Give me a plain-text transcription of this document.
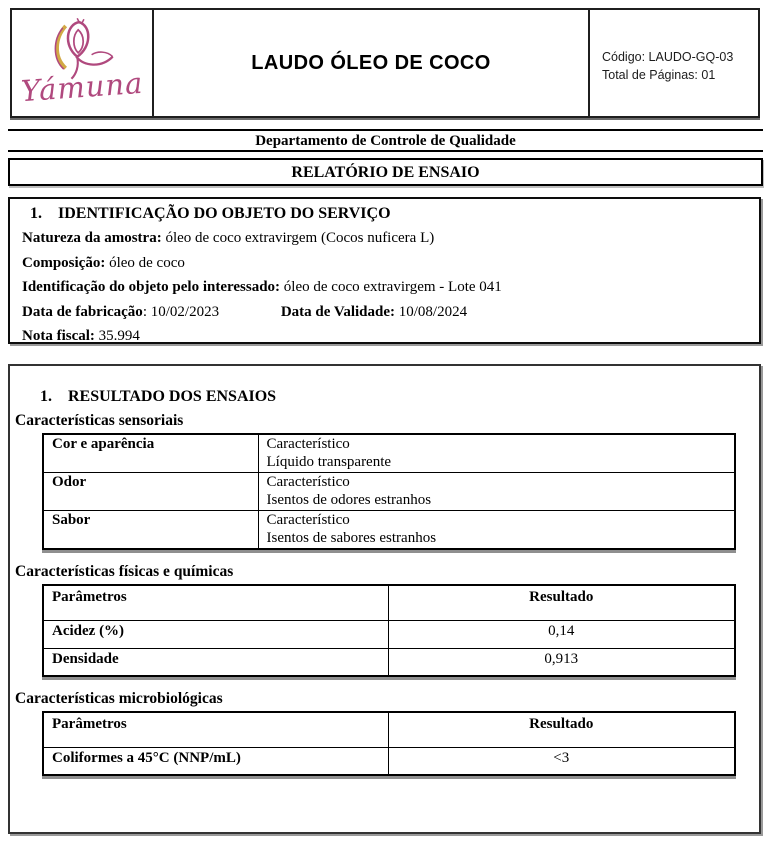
Yámuna
LAUDO ÓLEO DE COCO	Código: LAUDO-GQ-03
Total de Páginas: 01
Departamento de Controle de Qualidade
RELATÓRIO DE ENSAIO
1. IDENTIFICAÇÃO DO OBJETO DO SERVIÇO
Natureza da amostra: óleo de coco extravirgem (Cocos nuficera L)
Composição: óleo de coco
Identificação do objeto pelo interessado: óleo de coco extravirgem - Lote 041
Data de fabricação: 10/02/2023	Data de Validade: 10/08/2024
Nota fiscal: 35.994
1. RESULTADO DOS ENSAIOS
Características sensoriais
Cor e aparência	Característico
Líquido transparente

Odor	Característico
Isentos de odores estranhos

Sabor	Característico
Isentos de sabores estranhos
Características físicas e químicas
Parâmetros	Resultado
Acidez (%)	0,14
Densidade	0,913
Características microbiológicas
Parâmetros	Resultado
Coliformes a 45°C (NNP/mL)	<3
